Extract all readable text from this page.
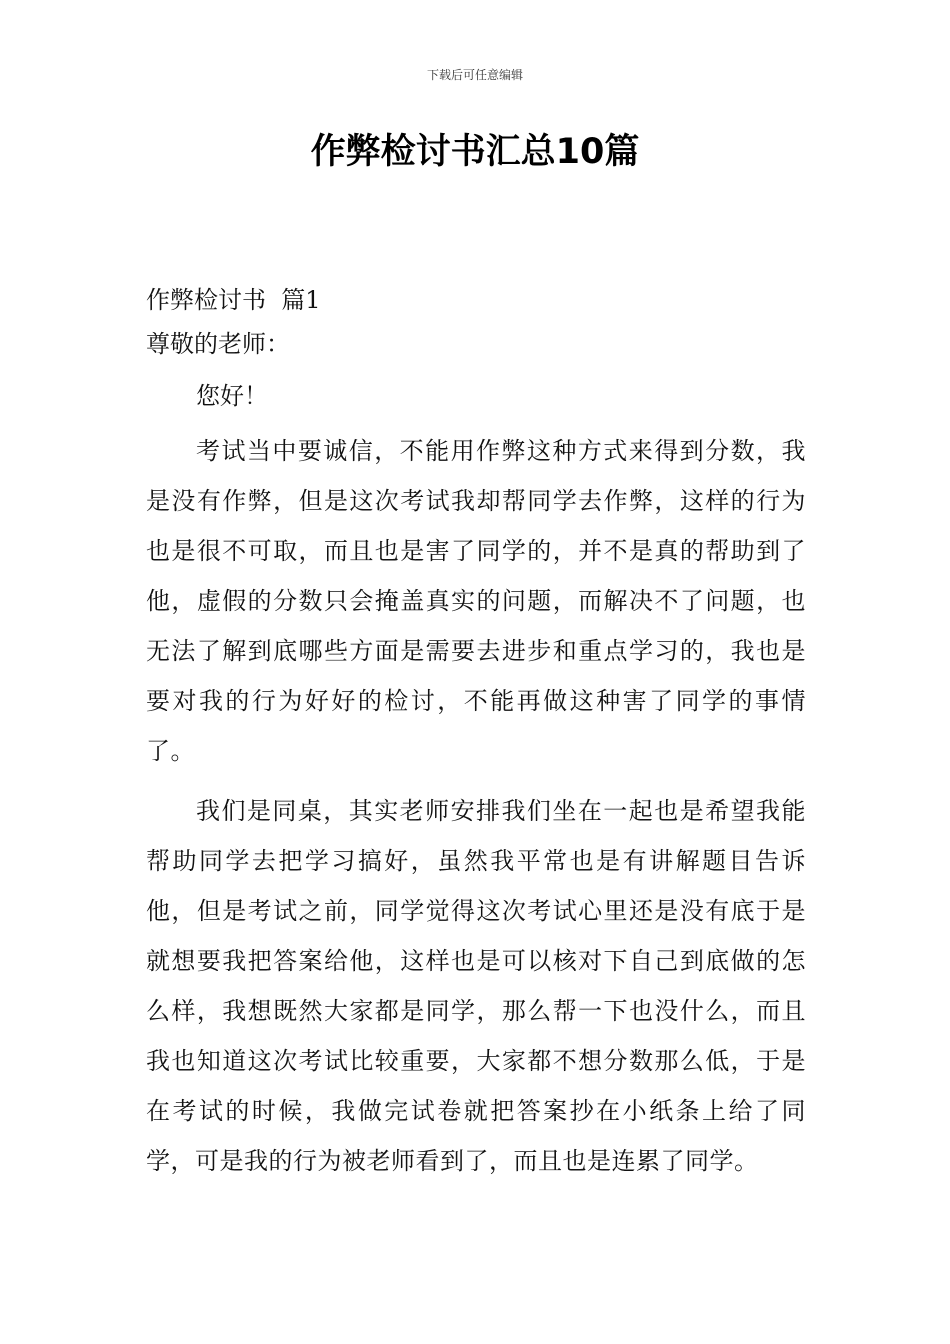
下载后可任意编辑
作弊检讨书汇总10篇
作弊检讨书  篇1
尊敬的老师：
您好！

考试当中要诚信，不能用作弊这种方式来得到分数，我是没有作弊，但是这次考试我却帮同学去作弊，这样的行为也是很不可取，而且也是害了同学的，并不是真的帮助到了他，虚假的分数只会掩盖真实的问题，而解决不了问题，也无法了解到底哪些方面是需要去进步和重点学习的，我也是要对我的行为好好的检讨，不能再做这种害了同学的事情了。

我们是同桌，其实老师安排我们坐在一起也是希望我能帮助同学去把学习搞好，虽然我平常也是有讲解题目告诉他，但是考试之前，同学觉得这次考试心里还是没有底于是就想要我把答案给他，这样也是可以核对下自己到底做的怎么样，我想既然大家都是同学，那么帮一下也没什么，而且我也知道这次考试比较重要，大家都不想分数那么低，于是在考试的时候，我做完试卷就把答案抄在小纸条上给了同学，可是我的行为被老师看到了，而且也是连累了同学。
